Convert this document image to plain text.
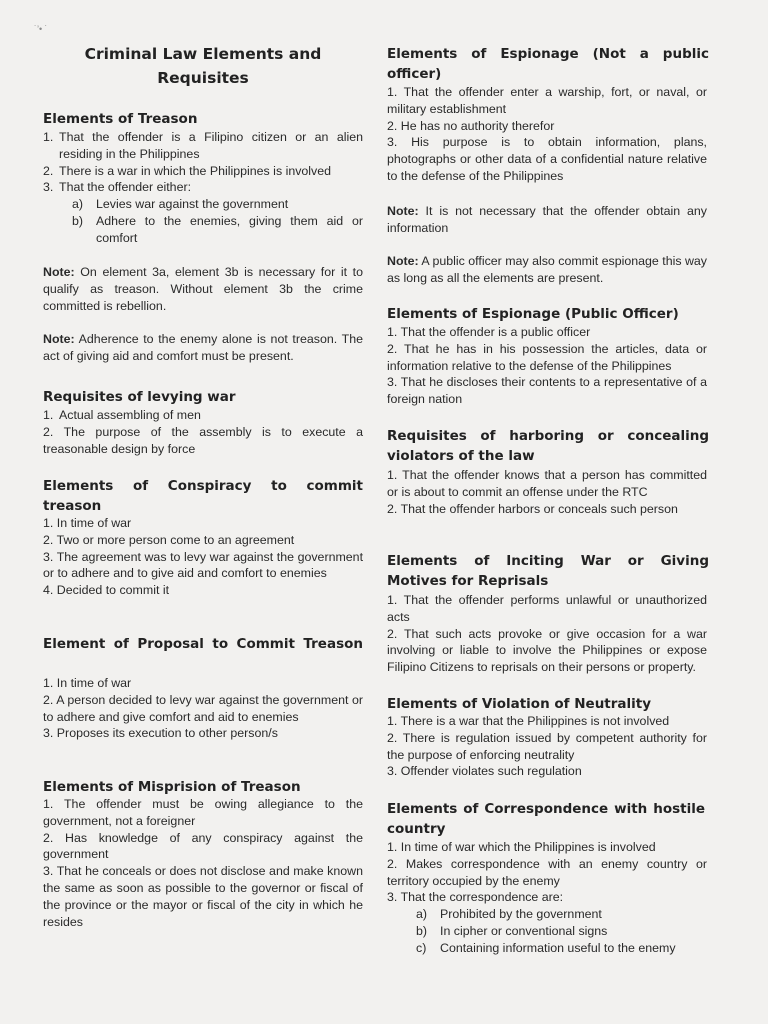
˙’• ˙
Criminal Law Elements and
Requisites
Elements of Treason
1. That the offender is a Filipino citizen or an alien residing in the Philippines
2. There is a war in which the Philippines is involved
3. That the offender either:
a) Levies war against the government
b) Adhere to the enemies, giving them aid or comfort
Note: On element 3a, element 3b is necessary for it to qualify as treason. Without element 3b the crime committed is rebellion.
Note: Adherence to the enemy alone is not treason. The act of giving aid and comfort must be present.
Requisites of levying war
1. Actual assembling of men
2. The purpose of the assembly is to execute a treasonable design by force
Elements of Conspiracy to commit treason
1. In time of war
2. Two or more person come to an agreement
3. The agreement was to levy war against the government or to adhere and to give aid and comfort to enemies
4. Decided to commit it
Element of Proposal to Commit Treason
1. In time of war
2. A person decided to levy war against the government or to adhere and give comfort and aid to enemies
3. Proposes its execution to other person/s
Elements of Misprision of Treason
1. The offender must be owing allegiance to the government, not a foreigner
2. Has knowledge of any conspiracy against the government
3. That he conceals or does not disclose and make known the same as soon as possible to the governor or fiscal of the province or the mayor or fiscal of the city in which he resides
Elements of Espionage (Not a public officer)
1. That the offender enter a warship, fort, or naval, or military establishment
2. He has no authority therefor
3. His purpose is to obtain information, plans, photographs or other data of a confidential nature relative to the defense of the Philippines
Note: It is not necessary that the offender obtain any information
Note: A public officer may also commit espionage this way as long as all the elements are present.
Elements of Espionage (Public Officer)
1. That the offender is a public officer
2. That he has in his possession the articles, data or information relative to the defense of the Philippines
3. That he discloses their contents to a representative of a foreign nation
Requisites of harboring or concealing violators of the law
1. That the offender knows that a person has committed or is about to commit an offense under the RTC
2. That the offender harbors or conceals such person
Elements of Inciting War or Giving Motives for Reprisals
1. That the offender performs unlawful or unauthorized acts
2. That such acts provoke or give occasion for a war involving or liable to involve the Philippines or expose Filipino Citizens to reprisals on their persons or property.
Elements of Violation of Neutrality
1. There is a war that the Philippines is not involved
2. There is regulation issued by competent authority for the purpose of enforcing neutrality
3. Offender violates such regulation
Elements of Correspondence with hostile country
1. In time of war which the Philippines is involved
2. Makes correspondence with an enemy country or territory occupied by the enemy
3. That the correspondence are:
a) Prohibited by the government
b) In cipher or conventional signs
c) Containing information useful to the enemy
